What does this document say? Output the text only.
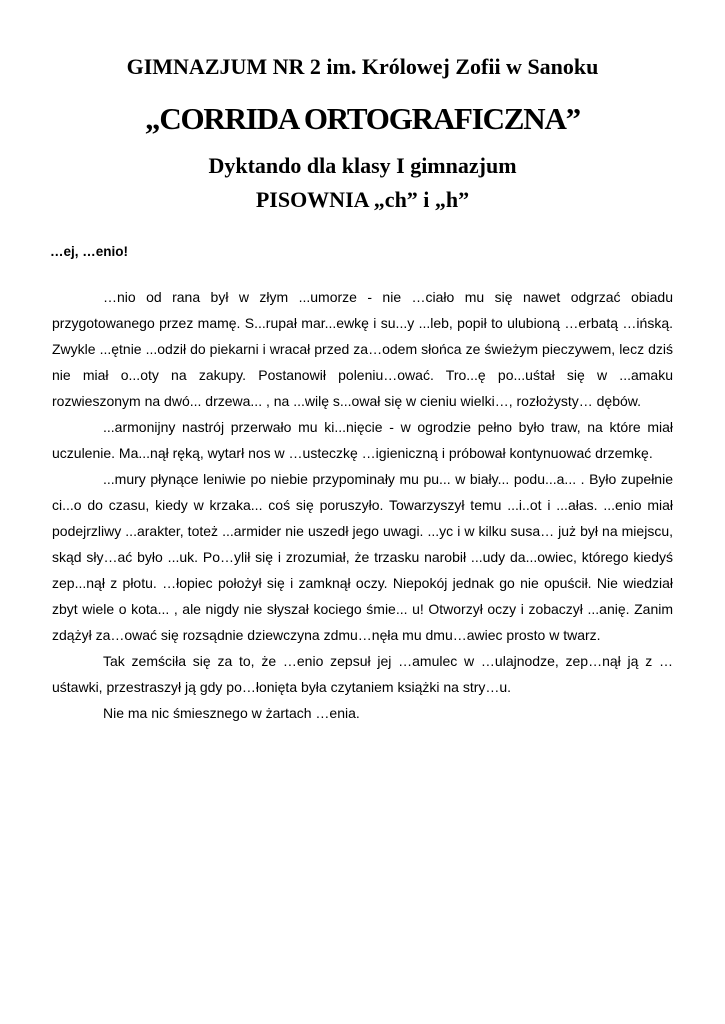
GIMNAZJUM NR 2 im. Królowej Zofii w Sanoku
„CORRIDA ORTOGRAFICZNA”
Dyktando dla klasy I gimnazjum
PISOWNIA „ch” i „h”

…ej, …enio!

…nio od rana był w złym ...umorze - nie …ciało mu się nawet odgrzać obiadu przygotowanego przez mamę. S...rupał mar...ewkę i su...y ...leb, popił to ulubioną …erbatą …ińską. Zwykle ...ętnie ...odził do piekarni i wracał przed za…odem słońca ze świeżym pieczywem, lecz dziś nie miał o...oty na zakupy. Postanowił poleniu…ować. Tro...ę po...uśtał się w ...amaku rozwieszonym na dwó... drzewa... , na ...wilę s...ował się w cieniu wielki…, rozłożysty… dębów.

...armonijny nastrój przerwało mu ki...nięcie - w ogrodzie pełno było traw, na które miał uczulenie. Ma...nął ręką, wytarł nos w …usteczkę …igieniczną i próbował kontynuować drzemkę.

...mury płynące leniwie po niebie przypominały mu pu... w biały... podu...a... . Było zupełnie ci...o do czasu, kiedy w krzaka... coś się poruszyło. Towarzyszył temu ...i..ot i ...ałas. ...enio miał podejrzliwy ...arakter, toteż ...armider nie uszedł jego uwagi. ...yc i w kilku susa… już był na miejscu, skąd sły…ać było ...uk. Po…ylił się i zrozumiał, że trzasku narobił ...udy da...owiec, którego kiedyś zep...nął z płotu. …łopiec położył się i zamknął oczy. Niepokój jednak go nie opuścił. Nie wiedział zbyt wiele o kota... , ale nigdy nie słyszał kociego śmie... u! Otworzył oczy i zobaczył ...anię. Zanim zdążył za…ować się rozsądnie dziewczyna zdmu…nęła mu dmu…awiec prosto w twarz.

Tak zemściła się za to, że …enio zepsuł jej …amulec w …ulajnodze, zep…nął ją z …uśtawki, przestraszył ją gdy po…łonięta była czytaniem książki na stry…u.

Nie ma nic śmiesznego w żartach …enia.
